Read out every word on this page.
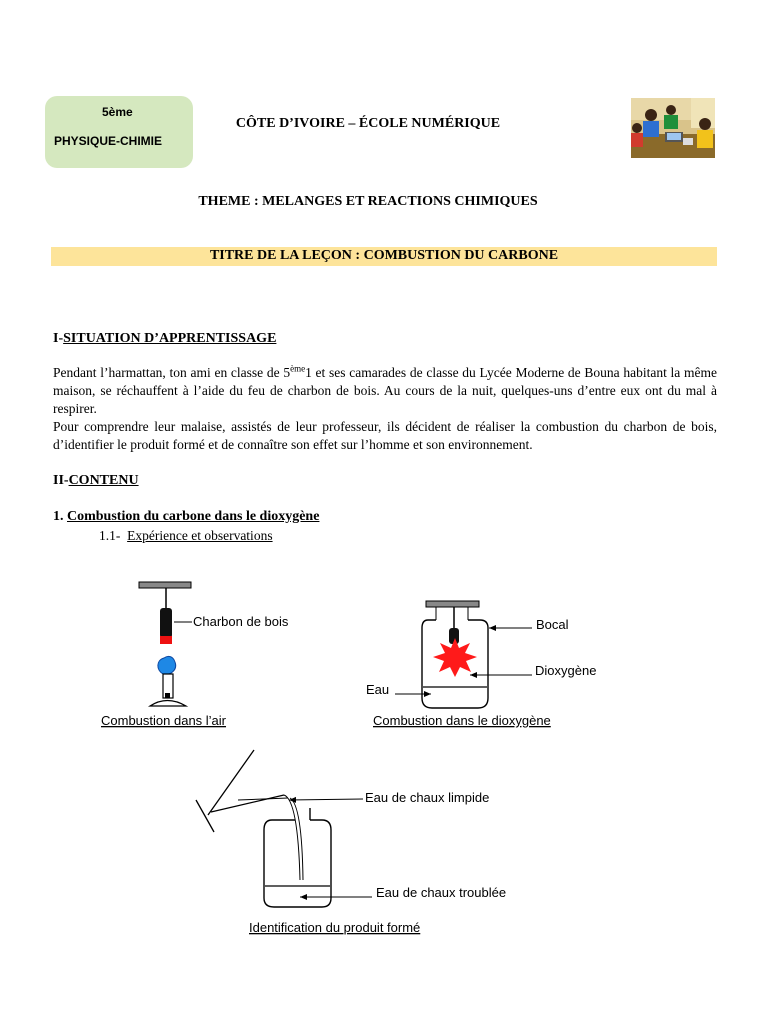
5ème
PHYSIQUE-CHIMIE
CÔTE D’IVOIRE – ÉCOLE NUMÉRIQUE
THEME : MELANGES ET REACTIONS CHIMIQUES
TITRE DE LA LEÇON : COMBUSTION DU CARBONE
I-SITUATION D’APPRENTISSAGE

Pendant l’harmattan, ton ami en classe de 5ème1 et ses camarades de classe du Lycée Moderne de Bouna habitant la même maison, se réchauffent à l’aide du feu de charbon de bois. Au cours de la nuit, quelques-uns d’entre eux ont du mal à respirer.

Pour comprendre leur malaise, assistés de leur professeur, ils décident de réaliser la combustion du charbon de bois, d’identifier le produit formé et de connaître son effet sur l’homme et son environnement.

II-CONTENU
1. Combustion du carbone dans le dioxygène
1.1-  Expérience et observations
Charbon de bois
Combustion dans l’air
Bocal
Dioxygène
Eau
Combustion dans le dioxygène
Eau de chaux limpide
Eau de chaux troublée
Identification du produit formé
